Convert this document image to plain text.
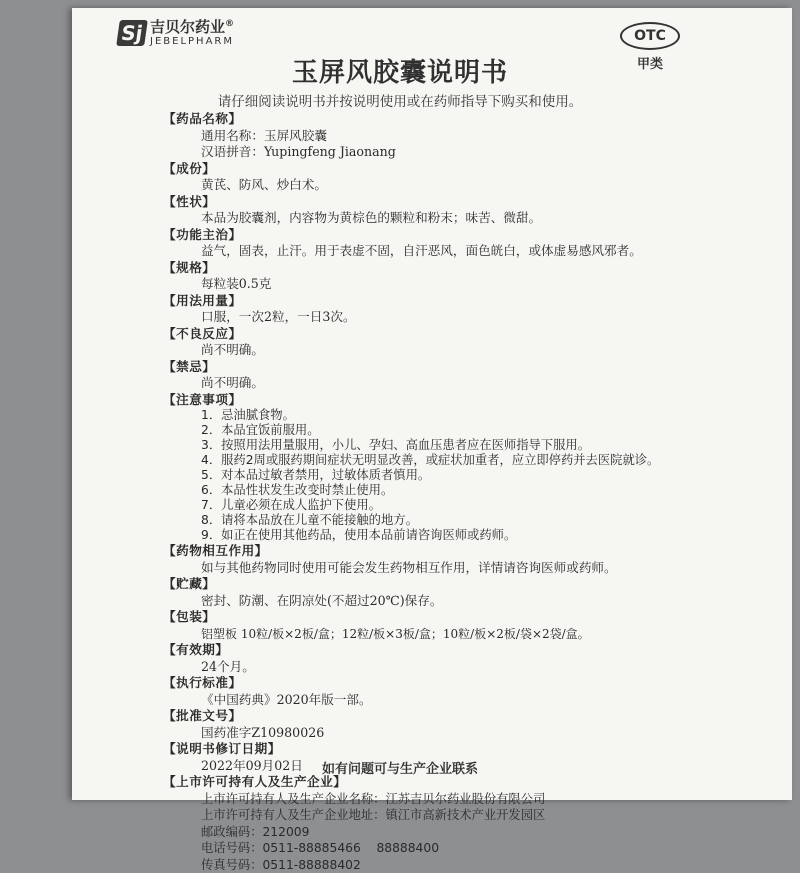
Sj 吉贝尔药业®
JEBELPHARM	OTC
甲类
玉屏风胶囊说明书
请仔细阅读说明书并按说明使用或在药师指导下购买和使用。
【药品名称】
通用名称：玉屏风胶囊
汉语拼音：Yupingfeng Jiaonang
【成份】
黄芪、防风、炒白术。
【性状】
本品为胶囊剂，内容物为黄棕色的颗粒和粉末；味苦、微甜。
【功能主治】
益气，固表，止汗。用于表虚不固，自汗恶风，面色㿠白，或体虚易感风邪者。
【规格】
每粒装0.5克
【用法用量】
口服，一次2粒，一日3次。
【不良反应】
尚不明确。
【禁忌】
尚不明确。
【注意事项】
1．忌油腻食物。
2．本品宜饭前服用。
3．按照用法用量服用，小儿、孕妇、高血压患者应在医师指导下服用。
4．服药2周或服药期间症状无明显改善，或症状加重者，应立即停药并去医院就诊。
5．对本品过敏者禁用，过敏体质者慎用。
6．本品性状发生改变时禁止使用。
7．儿童必须在成人监护下使用。
8．请将本品放在儿童不能接触的地方。
9．如正在使用其他药品，使用本品前请咨询医师或药师。
【药物相互作用】
如与其他药物同时使用可能会发生药物相互作用，详情请咨询医师或药师。
【贮藏】
密封、防潮、在阴凉处(不超过20℃)保存。
【包装】
铝塑板 10粒/板×2板/盒；12粒/板×3板/盒；10粒/板×2板/袋×2袋/盒。
【有效期】
24个月。
【执行标准】
《中国药典》2020年版一部。
【批准文号】
国药准字Z10980026
【说明书修订日期】
2022年09月02日
【上市许可持有人及生产企业】
上市许可持有人及生产企业名称：江苏吉贝尔药业股份有限公司
上市许可持有人及生产企业地址：镇江市高新技术产业开发园区
邮政编码：212009
电话号码：0511-88885466    88888400
传真号码：0511-88888402
如有问题可与生产企业联系
